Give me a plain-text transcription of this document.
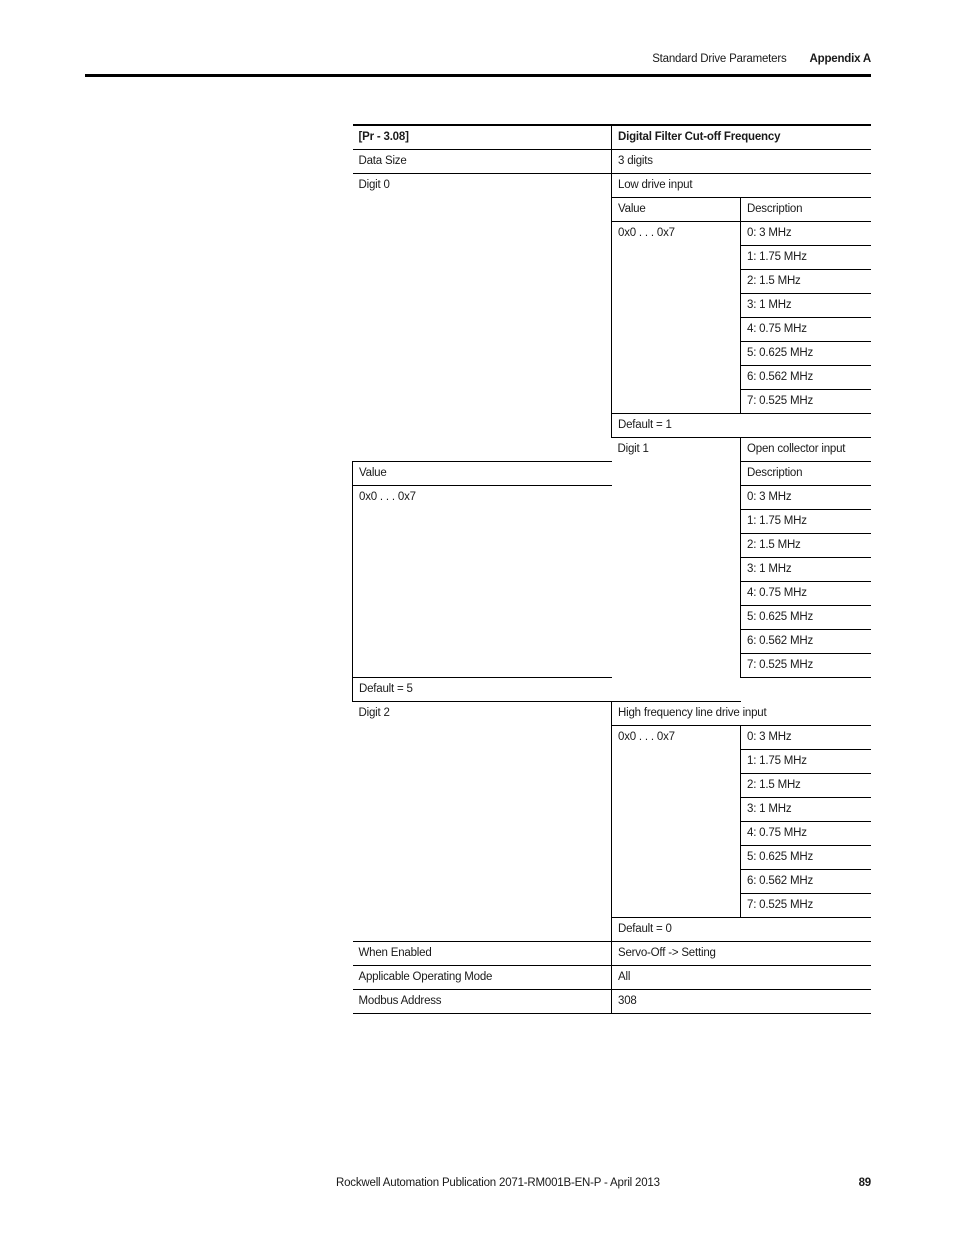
Standard Drive Parameters Appendix A
[Pr - 3.08]	Digital Filter Cut-off Frequency	
Data Size	3 digits	
Digit 0	Low drive input	
	Value	Description
	0x0 . . . 0x7	0: 3 MHz
		1: 1.75 MHz
		2: 1.5 MHz
		3: 1 MHz
		4: 0.75 MHz
		5: 0.625 MHz
		6: 0.562 MHz
		7: 0.525 MHz
	Default = 1	
	Digit 1	Open collector input
Value		Description
0x0 . . . 0x7		0: 3 MHz
		1: 1.75 MHz
		2: 1.5 MHz
		3: 1 MHz
		4: 0.75 MHz
		5: 0.625 MHz
		6: 0.562 MHz
		7: 0.525 MHz
Default = 5		
Digit 2	High frequency line drive input	
	0x0 . . . 0x7	0: 3 MHz
		1: 1.75 MHz
		2: 1.5 MHz
		3: 1 MHz
		4: 0.75 MHz
		5: 0.625 MHz
		6: 0.562 MHz
		7: 0.525 MHz
	Default = 0	
When Enabled	Servo-Off -> Setting	
Applicable Operating Mode	All	
Modbus Address	308	
Rockwell Automation Publication 2071-RM001B-EN-P - April 2013	89
